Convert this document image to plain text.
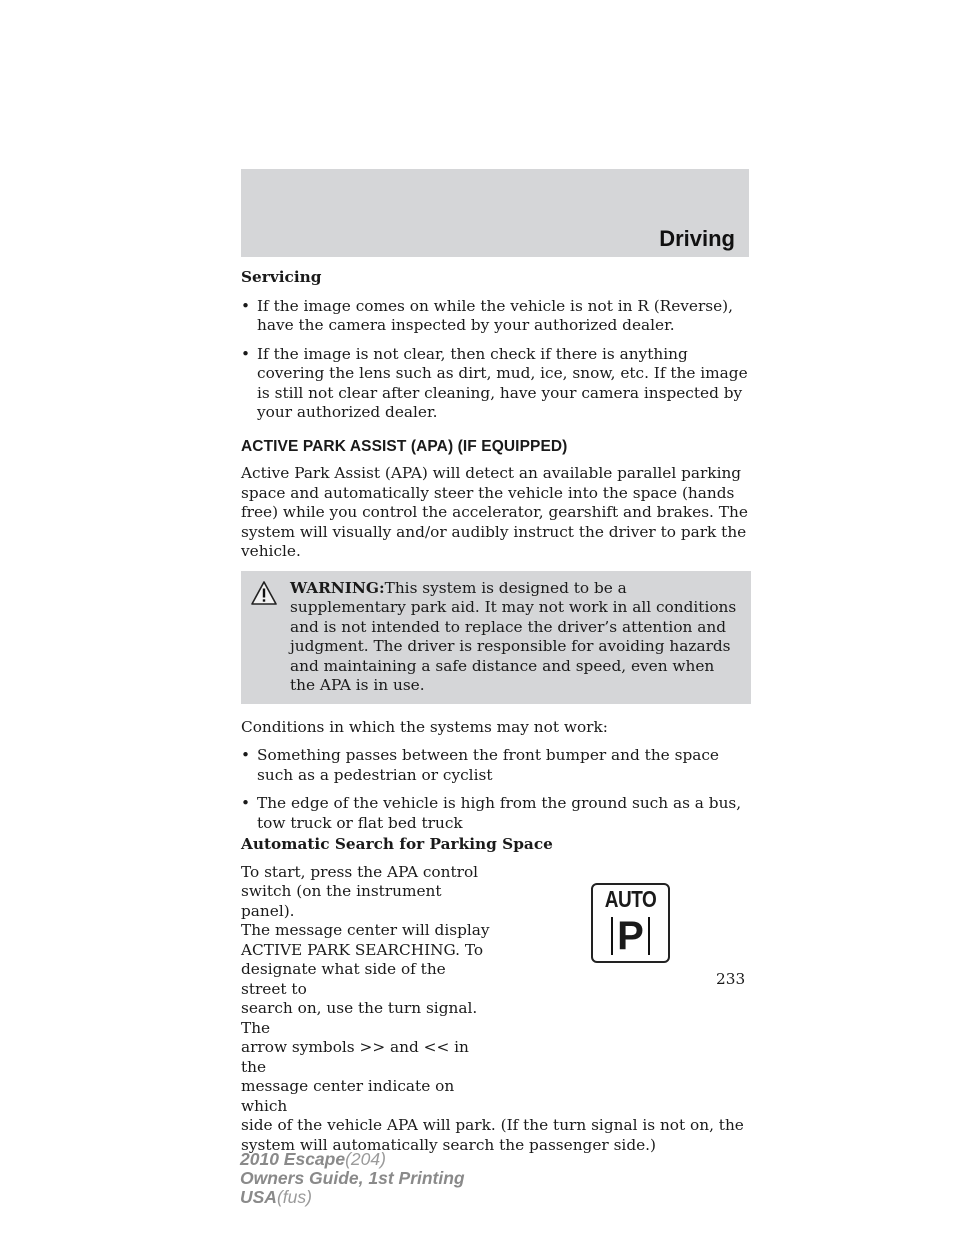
Driving
Servicing
• If the image comes on while the vehicle is not in R (Reverse), have the camera inspected by your authorized dealer.

• If the image is not clear, then check if there is anything covering the lens such as dirt, mud, ice, snow, etc. If the image is still not clear after cleaning, have your camera inspected by your authorized dealer.

ACTIVE PARK ASSIST (APA) (IF EQUIPPED)

Active Park Assist (APA) will detect an available parallel parking space and automatically steer the vehicle into the space (hands free) while you control the accelerator, gearshift and brakes. The system will visually and/or audibly instruct the driver to park the vehicle.

WARNING:This system is designed to be a supplementary park aid. It may not work in all conditions and is not intended to replace the driver’s attention and judgment. The driver is responsible for avoiding hazards and maintaining a safe distance and speed, even when the APA is in use.

Conditions in which the systems may not work:

• Something passes between the front bumper and the space such as a pedestrian or cyclist

• The edge of the vehicle is high from the ground such as a bus, tow truck or flat bed truck

Automatic Search for Parking Space
To start, press the APA control
switch (on the instrument panel).
The message center will display
ACTIVE PARK SEARCHING. To
designate what side of the street to
search on, use the turn signal. The
arrow symbols >> and << in the
message center indicate on which

side of the vehicle APA will park. (If the turn signal is not on, the system will automatically search the passenger side.)

AUTO
P
233
2010 Escape(204)
Owners Guide, 1st Printing
USA(fus)
